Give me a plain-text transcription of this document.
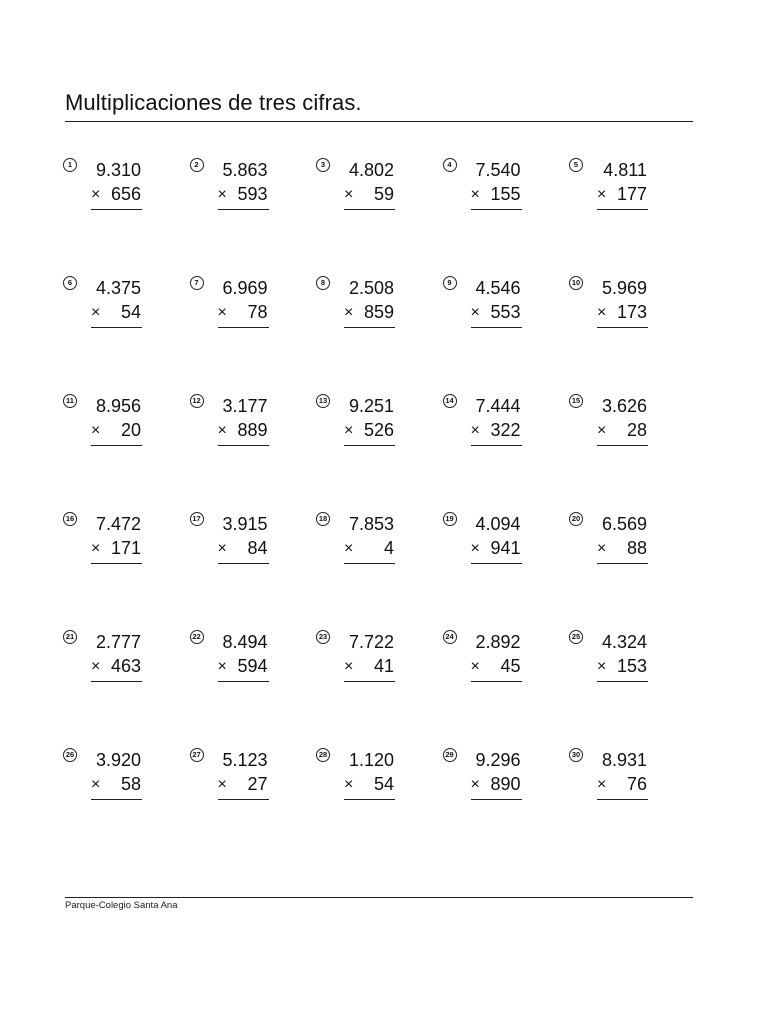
Multiplicaciones de tres cifras.
1 9.310
× 656
2 5.863
× 593
3 4.802
× 59
4 7.540
× 155
5	4.811
× 177
6 4.375
× 54
7 6.969
× 78
8 2.508
× 859
9 4.546
× 553
10 5.969
× 173
11 8.956
× 20
12 3.177
× 889
13 9.251
× 526
14 7.444
× 322
15 3.626
× 28
16 7.472
× 171
17 3.915
× 84
18 7.853
× 4
19 4.094
× 941
20 6.569
× 88
21 2.777
× 463
22 8.494
× 594
23 7.722
× 41
24 2.892
× 45
25 4.324
× 153
26 3.920
× 58
27 5.123
× 27
28 1.120
× 54
29 9.296
× 890
30 8.931
× 76
Parque-Colegio Santa Ana
